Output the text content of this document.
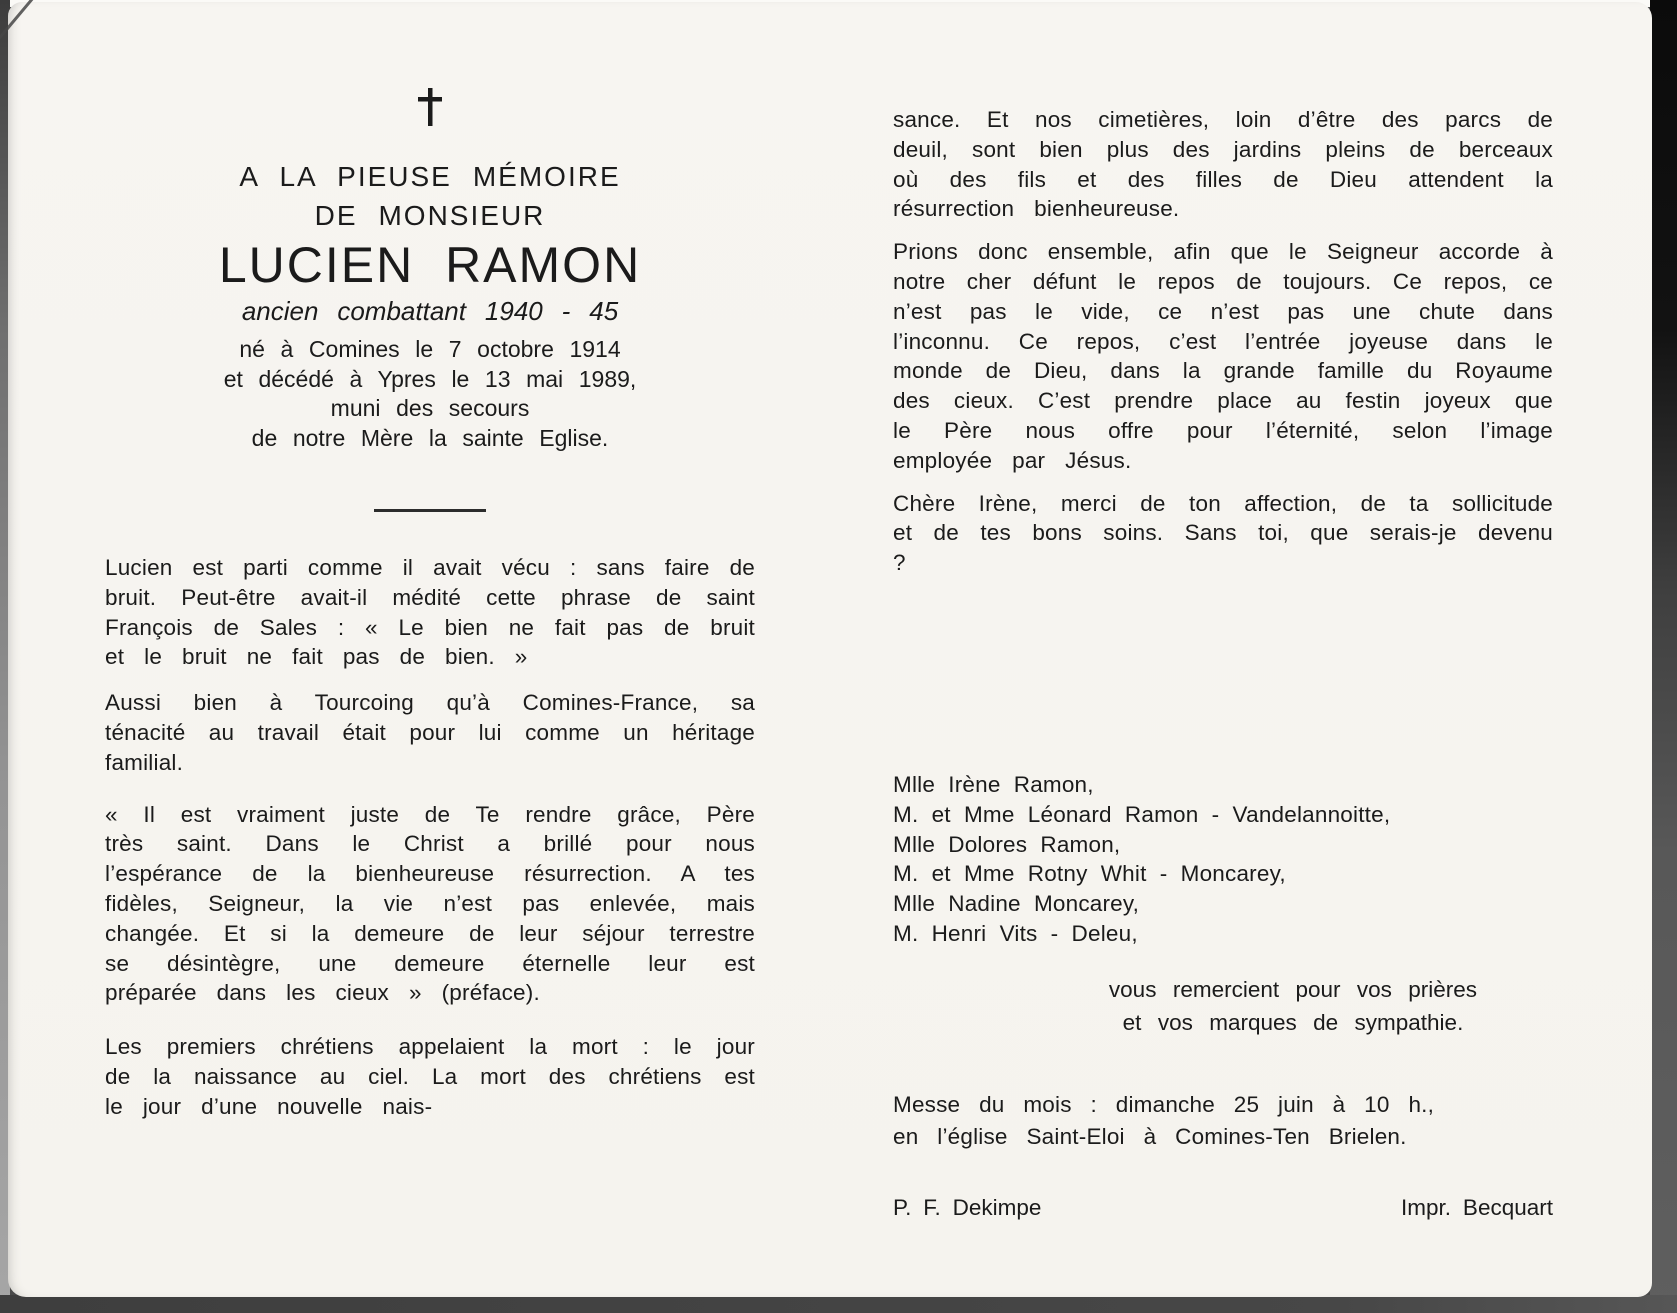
A LA PIEUSE MÉMOIRE
DE MONSIEUR
LUCIEN RAMON
ancien combattant 1940 - 45
né à Comines le 7 octobre 1914
et décédé à Ypres le 13 mai 1989,
muni des secours
de notre Mère la sainte Eglise.

Lucien est parti comme il avait vécu : sans faire de bruit. Peut-être avait-il médité cette phrase de saint François de Sales : « Le bien ne fait pas de bruit et le bruit ne fait pas de bien. »

Aussi bien à Tourcoing qu’à Comines-France, sa ténacité au travail était pour lui comme un héritage familial.

« Il est vraiment juste de Te rendre grâce, Père très saint. Dans le Christ a brillé pour nous l’espérance de la bienheureuse résurrection. A tes fidèles, Seigneur, la vie n’est pas enlevée, mais changée. Et si la demeure de leur séjour terrestre se désintègre, une demeure éternelle leur est préparée dans les cieux » (préface).

Les premiers chrétiens appelaient la mort : le jour de la naissance au ciel. La mort des chrétiens est le jour d’une nouvelle nais-

sance. Et nos cimetières, loin d’être des parcs de deuil, sont bien plus des jardins pleins de berceaux où des fils et des filles de Dieu attendent la résurrection bienheureuse.

Prions donc ensemble, afin que le Seigneur accorde à notre cher défunt le repos de toujours. Ce repos, ce n’est pas le vide, ce n’est pas une chute dans l’inconnu. Ce repos, c’est l’entrée joyeuse dans le monde de Dieu, dans la grande famille du Royaume des cieux. C’est prendre place au festin joyeux que le Père nous offre pour l’éternité, selon l’image employée par Jésus.

Chère Irène, merci de ton affection, de ta sollicitude et de tes bons soins. Sans toi, que serais-je devenu ?

Mlle Irène Ramon,
M. et Mme Léonard Ramon - Vandelannoitte,
Mlle Dolores Ramon,
M. et Mme Rotny Whit - Moncarey,
Mlle Nadine Moncarey,
M. Henri Vits - Deleu,
vous remercient pour vos prières
et vos marques de sympathie.
Messe du mois : dimanche 25 juin à 10 h.,
en l’église Saint-Eloi à Comines-Ten Brielen.
P. F. Dekimpe	Impr. Becquart
